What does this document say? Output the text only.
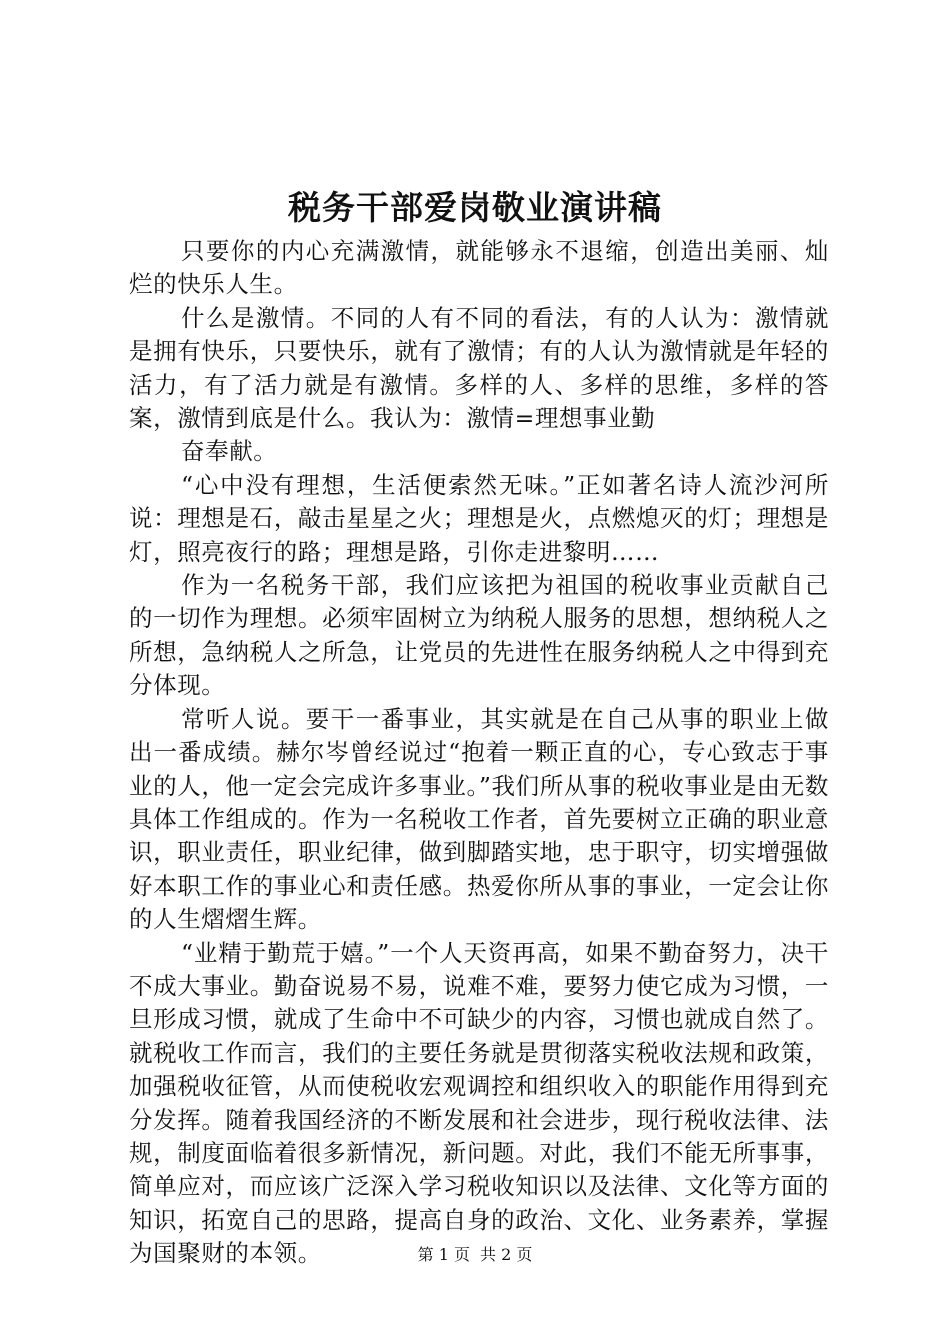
税务干部爱岗敬业演讲稿

只要你的内心充满激情，就能够永不退缩，创造出美丽、灿烂的快乐人生。

什么是激情。不同的人有不同的看法，有的人认为：激情就是拥有快乐，只要快乐，就有了激情；有的人认为激情就是年轻的活力，有了活力就是有激情。多样的人、多样的思维，多样的答案，激情到底是什么。我认为：激情=理想事业勤

奋奉献。

“心中没有理想，生活便索然无味。”正如著名诗人流沙河所说：理想是石，敲击星星之火；理想是火，点燃熄灭的灯；理想是灯，照亮夜行的路；理想是路，引你走进黎明……

作为一名税务干部，我们应该把为祖国的税收事业贡献自己的一切作为理想。必须牢固树立为纳税人服务的思想，想纳税人之所想，急纳税人之所急，让党员的先进性在服务纳税人之中得到充分体现。

常听人说。要干一番事业，其实就是在自己从事的职业上做出一番成绩。赫尔岑曾经说过“抱着一颗正直的心，专心致志于事业的人，他一定会完成许多事业。”我们所从事的税收事业是由无数具体工作组成的。作为一名税收工作者，首先要树立正确的职业意识，职业责任，职业纪律，做到脚踏实地，忠于职守，切实增强做好本职工作的事业心和责任感。热爱你所从事的事业，一定会让你的人生熠熠生辉。

“业精于勤荒于嬉。”一个人天资再高，如果不勤奋努力，决干不成大事业。勤奋说易不易，说难不难，要努力使它成为习惯，一旦形成习惯，就成了生命中不可缺少的内容，习惯也就成自然了。就税收工作而言，我们的主要任务就是贯彻落实税收法规和政策，加强税收征管，从而使税收宏观调控和组织收入的职能作用得到充分发挥。随着我国经济的不断发展和社会进步，现行税收法律、法规，制度面临着很多新情况，新问题。对此，我们不能无所事事，简单应对，而应该广泛深入学习税收知识以及法律、文化等方面的知识，拓宽自己的思路，提高自身的政治、文化、业务素养，掌握为国聚财的本领。	第 1 页 共 2 页
